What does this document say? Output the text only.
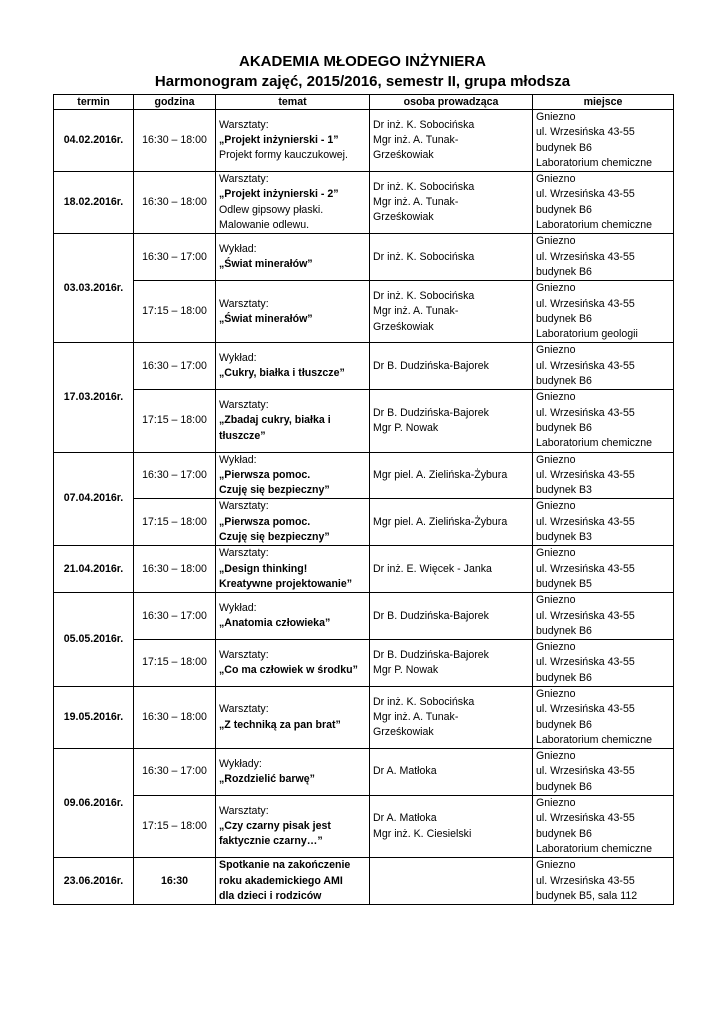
AKADEMIA MŁODEGO INŻYNIERA
Harmonogram zajęć, 2015/2016, semestr II, grupa młodsza
termin	godzina	temat	osoba prowadząca	miejsce
04.02.2016r.	16:30 – 18:00	Warsztaty:
„Projekt inżynierski - 1”
Projekt formy kauczukowej.	Dr inż. K. Sobocińska
Mgr inż. A. Tunak-
Grześkowiak	Gniezno
ul. Wrzesińska 43-55
budynek B6
Laboratorium chemiczne

18.02.2016r.	16:30 – 18:00	Warsztaty:
„Projekt inżynierski - 2”
Odlew gipsowy płaski.
Malowanie odlewu.	Dr inż. K. Sobocińska
Mgr inż. A. Tunak-
Grześkowiak	Gniezno
ul. Wrzesińska 43-55
budynek B6
Laboratorium chemiczne

03.03.2016r.	16:30 – 17:00	Wykład:
„Świat minerałów”	Dr inż. K. Sobocińska	Gniezno
ul. Wrzesińska 43-55
budynek B6

	17:15 – 18:00	Warsztaty:
„Świat minerałów”	Dr inż. K. Sobocińska
Mgr inż. A. Tunak-
Grześkowiak	Gniezno
ul. Wrzesińska 43-55
budynek B6
Laboratorium geologii

17.03.2016r.	16:30 – 17:00	Wykład:
„Cukry, białka i tłuszcze”	Dr B. Dudzińska-Bajorek	Gniezno
ul. Wrzesińska 43-55
budynek B6

	17:15 – 18:00	Warsztaty:
„Zbadaj cukry, białka i
tłuszcze”	Dr B. Dudzińska-Bajorek
Mgr P. Nowak	Gniezno
ul. Wrzesińska 43-55
budynek B6
Laboratorium chemiczne

07.04.2016r.	16:30 – 17:00	Wykład:
„Pierwsza pomoc.
Czuję się bezpieczny”	Mgr piel. A. Zielińska-Żybura	Gniezno
ul. Wrzesińska 43-55
budynek B3

	17:15 – 18:00	Warsztaty:
„Pierwsza pomoc.
Czuję się bezpieczny”	Mgr piel. A. Zielińska-Żybura	Gniezno
ul. Wrzesińska 43-55
budynek B3

21.04.2016r.	16:30 – 18:00	Warsztaty:
„Design thinking!
Kreatywne projektowanie”	Dr inż. E. Więcek - Janka	Gniezno
ul. Wrzesińska 43-55
budynek B5

05.05.2016r.	16:30 – 17:00	Wykład:
„Anatomia człowieka”	Dr B. Dudzińska-Bajorek	Gniezno
ul. Wrzesińska 43-55
budynek B6

	17:15 – 18:00	Warsztaty:
„Co ma człowiek w środku”	Dr B. Dudzińska-Bajorek
Mgr P. Nowak	Gniezno
ul. Wrzesińska 43-55
budynek B6

19.05.2016r.	16:30 – 18:00	Warsztaty:
„Z techniką za pan brat”	Dr inż. K. Sobocińska
Mgr inż. A. Tunak-
Grześkowiak	Gniezno
ul. Wrzesińska 43-55
budynek B6
Laboratorium chemiczne

09.06.2016r.	16:30 – 17:00	Wykłady:
„Rozdzielić barwę”	Dr A. Matłoka	Gniezno
ul. Wrzesińska 43-55
budynek B6

	17:15 – 18:00	Warsztaty:
„Czy czarny pisak jest
faktycznie czarny…”	Dr A. Matłoka
Mgr inż. K. Ciesielski	Gniezno
ul. Wrzesińska 43-55
budynek B6
Laboratorium chemiczne

23.06.2016r.	16:30	Spotkanie na zakończenie
roku akademickiego AMI
dla dzieci i rodziców		Gniezno
ul. Wrzesińska 43-55
budynek B5, sala 112
